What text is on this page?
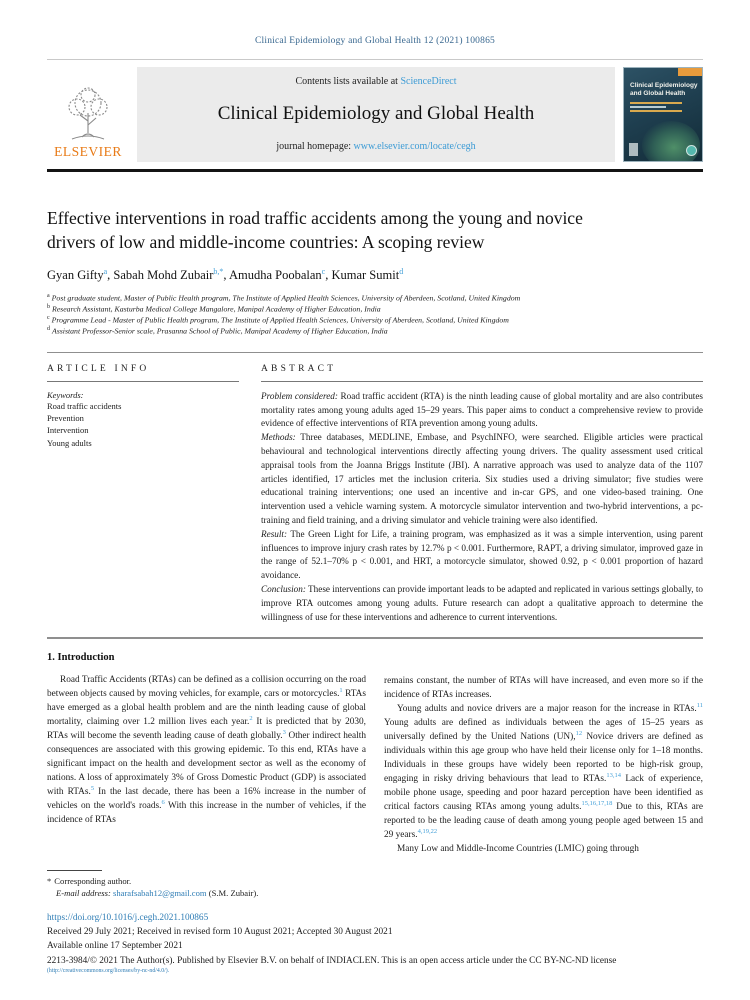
Clinical Epidemiology and Global Health 12 (2021) 100865
ELSEVIER
Contents lists available at ScienceDirect
Clinical Epidemiology and Global Health
journal homepage: www.elsevier.com/locate/cegh
Clinical Epidemiology and Global Health
Effective interventions in road traffic accidents among the young and novice drivers of low and middle-income countries: A scoping review
Gyan Gifty$^a$, Sabah Mohd Zubair$^{b,*}$, Amudha Poobalan$^c$, Kumar Sumit$^d$
$^a$ Post graduate student, Master of Public Health program, The Institute of Applied Health Sciences, University of Aberdeen, Scotland, United Kingdom
$^b$ Research Assistant, Kasturba Medical College Mangalore, Manipal Academy of Higher Education, India
$^c$ Programme Lead - Master of Public Health program, The Institute of Applied Health Sciences, University of Aberdeen, Scotland, United Kingdom
$^d$ Assistant Professor-Senior scale, Prasanna School of Public, Manipal Academy of Higher Education, India
ARTICLE INFO
Keywords:
Road traffic accidents
Prevention
Intervention
Young adults
ABSTRACT

Problem considered: Road traffic accident (RTA) is the ninth leading cause of global mortality and are also contributes mortality rates among young adults aged 15–29 years. This paper aims to conduct a comprehensive review to provide evidence of effective interventions of RTA prevention among young adults.

Methods: Three databases, MEDLINE, Embase, and PsychINFO, were searched. Eligible articles were practical behavioural and technological interventions directly affecting young drivers. The quality assessment used critical appraisal tools from the Joanna Briggs Institute (JBI). A narrative approach was used to analyze data of the 1107 articles identified, 17 articles met the inclusion criteria. Six studies used a driving simulator; five studies were educational training interventions; one used an incentive and in-car GPS, and one video-based training. One intervention used a vehicle warning system. A motorcycle simulator intervention and two-hybrid interventions, a pc-training and field training, and a driving simulator and vehicle training were also identified.

Result: The Green Light for Life, a training program, was emphasized as it was a simple intervention, using parent influences to improve injury crash rates by 12.7% p < 0.001. Furthermore, RAPT, a driving simulator, improved gaze in the range of 52.1–70% p < 0.001, and HRT, a motorcycle simulator, showed 0.92, p < 0.001 proportion of hazard avoidance.

Conclusion: These interventions can provide important leads to be adapted and replicated in various settings globally, to improve RTA outcomes among young adults. Future research can adopt a qualitative approach to determine the willingness of use for these interventions and adherence to current interventions.

1. Introduction

Road Traffic Accidents (RTAs) can be defined as a collision occurring on the road between objects caused by moving vehicles, for example, cars or motorcycles.$^1$ RTAs have emerged as a global health problem and are the ninth leading cause of global mortality, claiming over 1.2 million lives each year.$^2$ It is predicted that by 2030, RTAs will become the seventh leading cause of death globally.$^3$ Other indirect health consequences are associated with this growing epidemic. To this end, RTAs have a significant impact on the health and development sector as well as the economy of nations. A loss of approximately 3% of Gross Domestic Product (GDP) is associated with RTAs.$^5$ In the last decade, there has been a 16% increase in the number of vehicles on the world's roads.$^6$ With this increase in the number of vehicles, if the incidence of RTAs

remains constant, the number of RTAs will have increased, and even more so if the incidence of RTAs increases.

Young adults and novice drivers are a major reason for the increase in RTAs.$^{11}$ Young adults are defined as individuals between the ages of 15–25 years as universally defined by the United Nations (UN),$^{12}$ Novice drivers are defined as individuals within this age group who have held their license only for 1–18 months. Individuals in these groups have widely been reported to be high-risk group, engaging in risky driving behaviours that lead to RTAs.$^{13,14}$ Lack of experience, mobile phone usage, speeding and poor hazard perception have been identified as critical factors causing RTAs among young adults.$^{15,16,17,18}$ Due to this, RTAs are reported to be the leading cause of death among young people aged between 15 and 29 years.$^{4,19,22}$

Many Low and Middle-Income Countries (LMIC) going through

* Corresponding author.
E-mail address: sharafsabah12@gmail.com (S.M. Zubair).
https://doi.org/10.1016/j.cegh.2021.100865
Received 29 July 2021; Received in revised form 10 August 2021; Accepted 30 August 2021
Available online 17 September 2021
2213-3984/© 2021 The Author(s). Published by Elsevier B.V. on behalf of INDIACLEN. This is an open access article under the CC BY-NC-ND license
(http://creativecommons.org/licenses/by-nc-nd/4.0/).
